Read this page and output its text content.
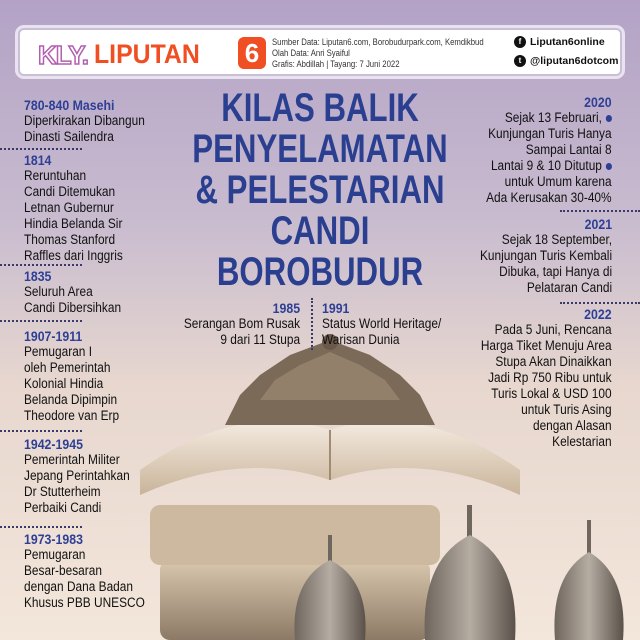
KLY. LIPUTAN 6	Sumber Data: Liputan6.com, Borobudurpark.com, Kemdikbud
Olah Data: Anri Syaiful
Grafis: Abdillah | Tayang: 7 Juni 2022
f Liputan6online
t @liputan6dotcom
KILAS BALIK
PENYELAMATAN
& PELESTARIAN
CANDI
BOROBUDUR
780-840 Masehi
Diperkirakan Dibangun
Dinasti Sailendra
1814
Reruntuhan
Candi Ditemukan
Letnan Gubernur
Hindia Belanda Sir
Thomas Stanford
Raffles dari Inggris
1835
Seluruh Area
Candi Dibersihkan
1907-1911
Pemugaran I
oleh Pemerintah
Kolonial Hindia
Belanda Dipimpin
Theodore van Erp
1942-1945
Pemerintah Militer
Jepang Perintahkan
Dr Stutterheim
Perbaiki Candi
1973-1983
Pemugaran
Besar-besaran
dengan Dana Badan
Khusus PBB UNESCO
2020
Sejak 13 Februari,
Kunjungan Turis Hanya
Sampai Lantai 8
Lantai 9 & 10 Ditutup
untuk Umum karena
Ada Kerusakan 30-40%
2021
Sejak 18 September,
Kunjungan Turis Kembali
Dibuka, tapi Hanya di
Pelataran Candi
2022
Pada 5 Juni, Rencana
Harga Tiket Menuju Area
Stupa Akan Dinaikkan
Jadi Rp 750 Ribu untuk
Turis Lokal & USD 100
untuk Turis Asing
dengan Alasan
Kelestarian
1985
Serangan Bom Rusak
9 dari 11 Stupa
1991
Status World Heritage/
Warisan Dunia
